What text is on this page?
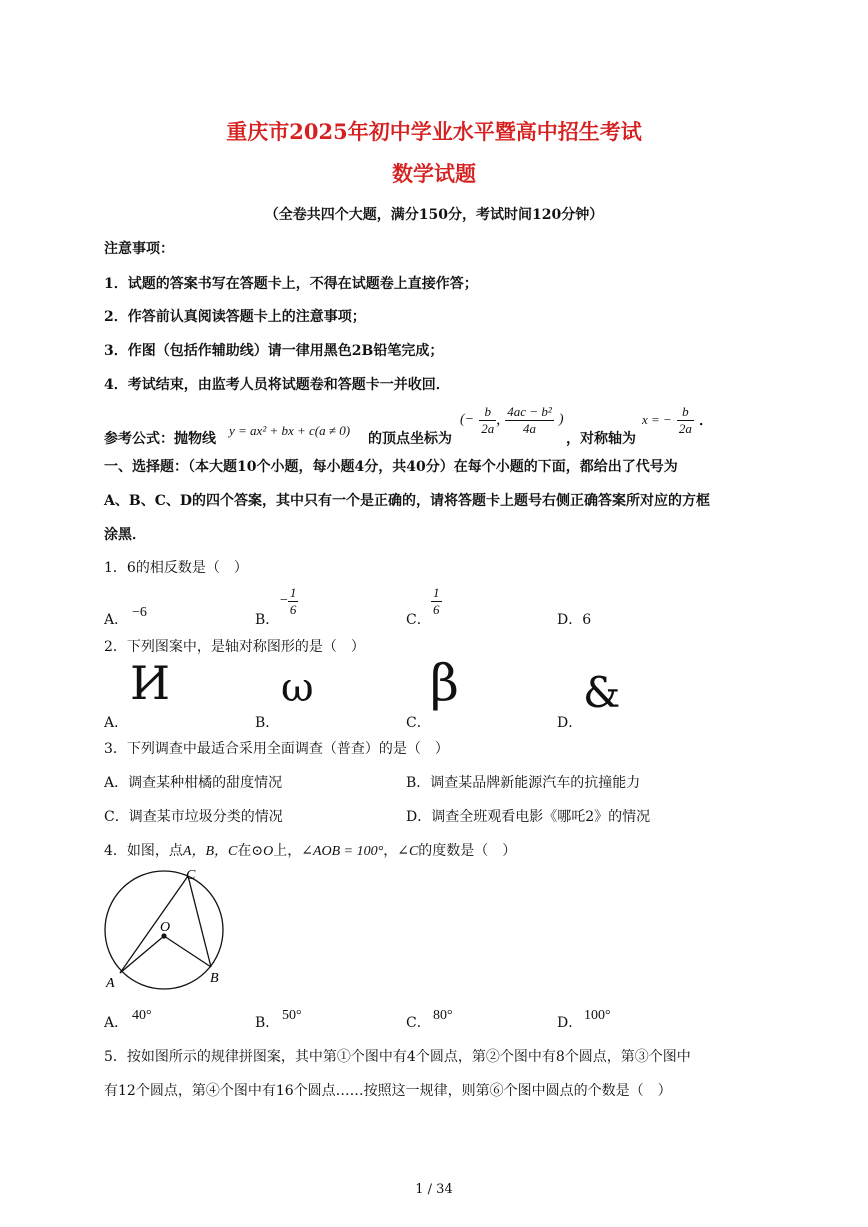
重庆市2025年初中学业水平暨高中招生考试
数学试题
（全卷共四个大题，满分150分，考试时间120分钟）
注意事项：
1．试题的答案书写在答题卡上，不得在试题卷上直接作答；
2．作答前认真阅读答题卡上的注意事项；
3．作图（包括作辅助线）请一律用黑色2B铅笔完成；
4．考试结束，由监考人员将试题卷和答题卡一并收回．
参考公式：抛物线
y = ax² + bx + c(a ≠ 0)
的顶点坐标为
(− $\frac{b}{2a}$ , $\frac{\text{4ac − b²}}{4a}$ )
，对称轴为
x = − $\frac{b}{2a}$ ．
一、选择题：（本大题10个小题，每小题4分，共40分）在每个小题的下面，都给出了代号为
A、B、C、D的四个答案，其中只有一个是正确的，请将答题卡上题号右侧正确答案所对应的方框
涂黑．
1．6的相反数是（　）
A． −6	B．
− $\frac{1}{6}$
C．
$\frac{1}{6}$
D．6
2．下列图案中，是轴对称图形的是（　）
A．
И
B．
ω
C．
β
D．
&
3．下列调查中最适合采用全面调查（普查）的是（　）
A．调查某种柑橘的甜度情况	B．调查某品牌新能源汽车的抗撞能力
C．调查某市垃圾分类的情况	D．调查全班观看电影《哪吒2》的情况
4．如图，点A，B，C在⊙O上，∠AOB = 100°，∠C的度数是（　）
C
O
A	B
A． 40°	B． 50°	C． 80°	D． 100°
5．按如图所示的规律拼图案，其中第①个图中有4个圆点，第②个图中有8个圆点，第③个图中
有12个圆点，第④个图中有16个圆点……按照这一规律，则第⑥个图中圆点的个数是（　）
1 / 34
